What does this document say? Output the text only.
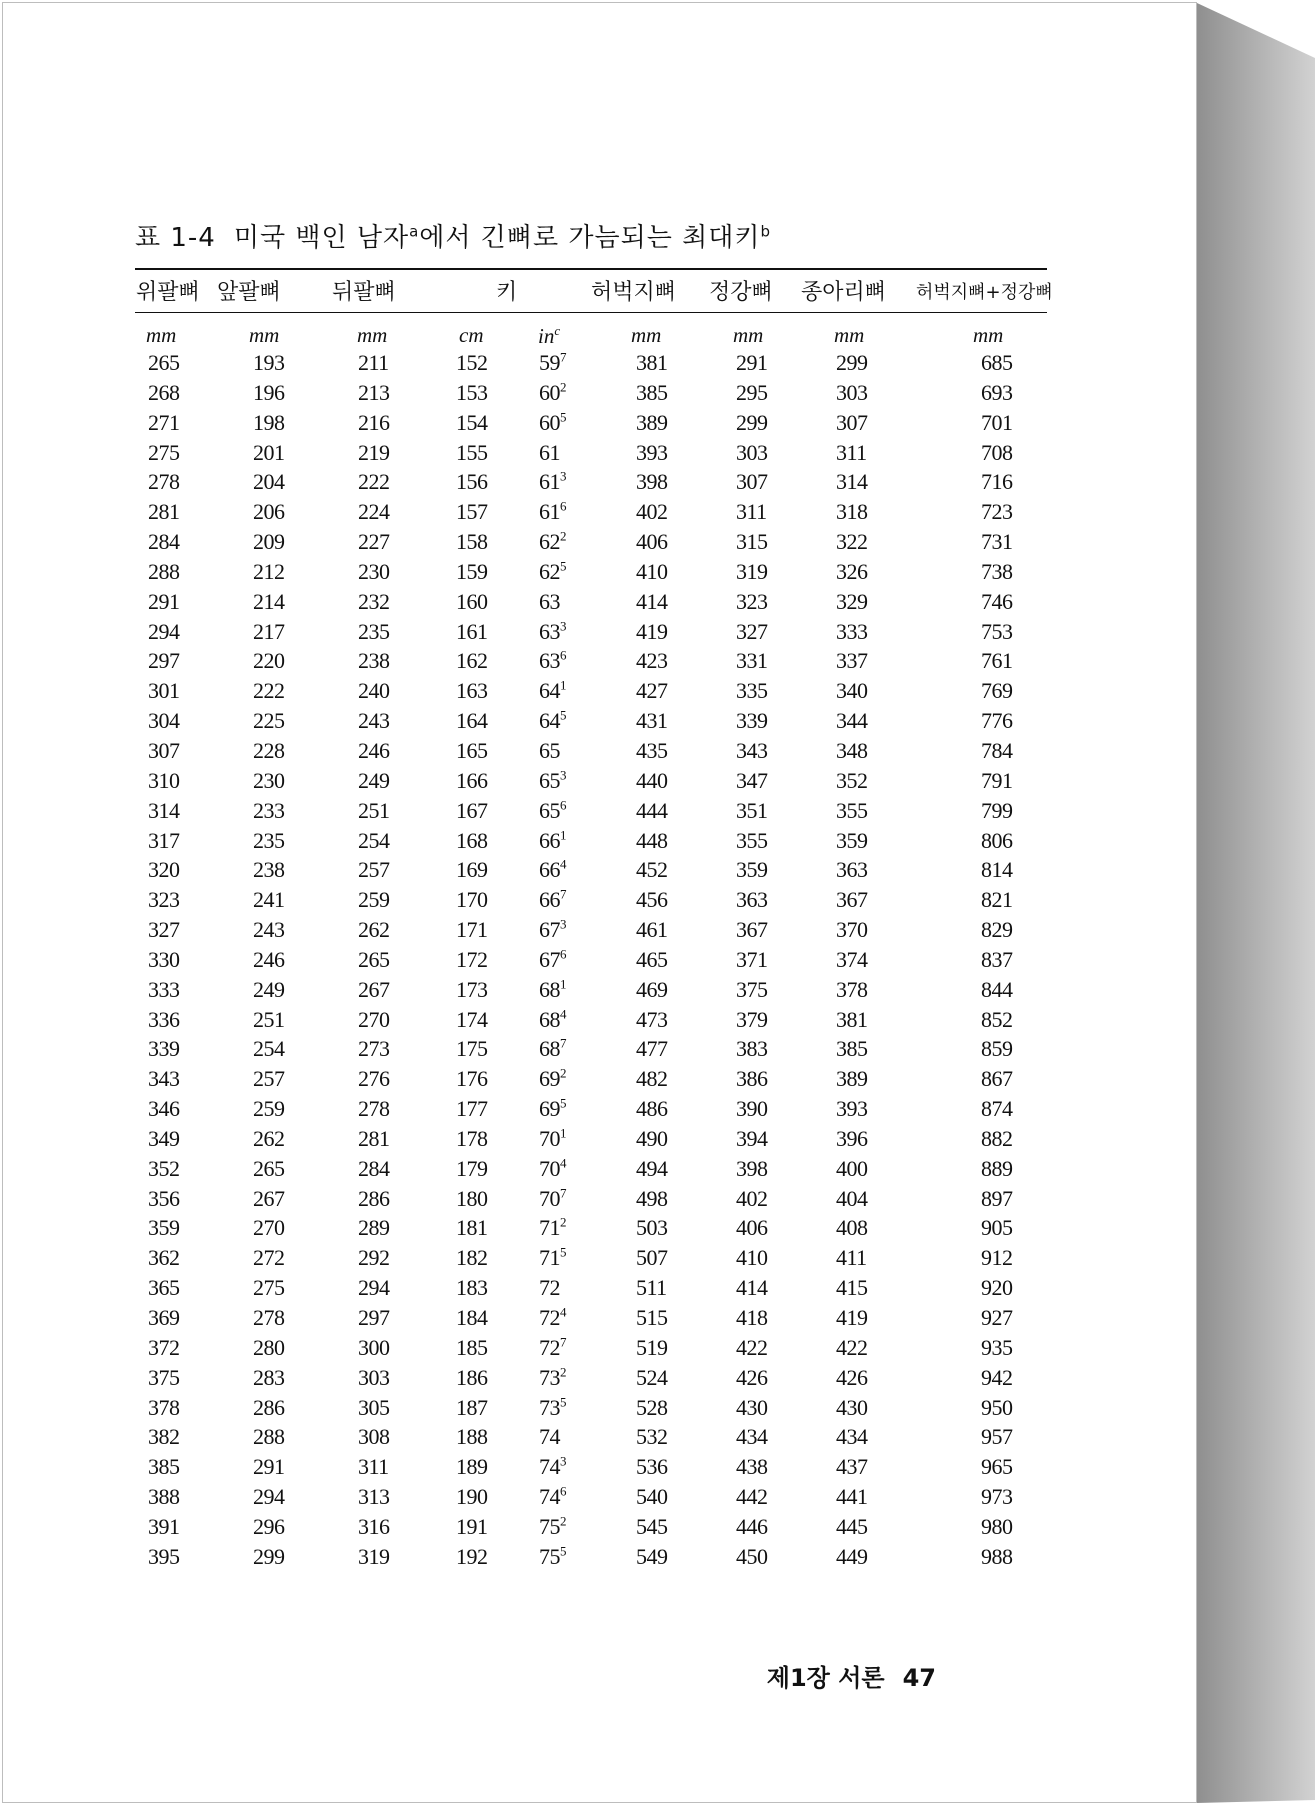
표 1-4 미국 백인 남자$^a$에서 긴뼈로 가늠되는 최대키$^b$
위팔뼈 앞팔뼈 뒤팔뼈	키	허벅지뼈 정강뼈 종아리뼈 허벅지뼈+정강뼈
mm	mm	mm	cm	$in^c$	mm	mm	mm	mm
265	193	211	152 $59^7$	381	291	299	685
268	196	213	153 $60^2$	385	295	303	693
271	198	216	154 $60^5$	389	299	307	701
275	201	219	155 61	393	303	311	708
278	204	222	156 $61^3$	398	307	314	716
281	206	224	157 $61^6$	402	311	318	723
284	209	227	158 $62^2$	406	315	322	731
288	212	230	159 $62^5$	410	319	326	738
291	214	232	160 63	414	323	329	746
294	217	235	161 $63^3$	419	327	333	753
297	220	238	162 $63^6$	423	331	337	761
301	222	240	163 $64^1$	427	335	340	769
304	225	243	164 $64^5$	431	339	344	776
307	228	246	165 65	435	343	348	784
310	230	249	166 $65^3$	440	347	352	791
314	233	251	167 $65^6$	444	351	355	799
317	235	254	168 $66^1$	448	355	359	806
320	238	257	169 $66^4$	452	359	363	814
323	241	259	170 $66^7$	456	363	367	821
327	243	262	171 $67^3$	461	367	370	829
330	246	265	172 $67^6$	465	371	374	837
333	249	267	173 $68^1$	469	375	378	844
336	251	270	174 $68^4$	473	379	381	852
339	254	273	175 $68^7$	477	383	385	859
343	257	276	176 $69^2$	482	386	389	867
346	259	278	177 $69^5$	486	390	393	874
349	262	281	178 $70^1$	490	394	396	882
352	265	284	179 $70^4$	494	398	400	889
356	267	286	180 $70^7$	498	402	404	897
359	270	289	181 $71^2$	503	406	408	905
362	272	292	182 $71^5$	507	410	411	912
365	275	294	183 72	511	414	415	920
369	278	297	184 $72^4$	515	418	419	927
372	280	300	185 $72^7$	519	422	422	935
375	283	303	186 $73^2$	524	426	426	942
378	286	305	187 $73^5$	528	430	430	950
382	288	308	188 74	532	434	434	957
385	291	311	189 $74^3$	536	438	437	965
388	294	313	190 $74^6$	540	442	441	973
391	296	316	191 $75^2$	545	446	445	980
395	299	319	192 $75^5$	549	450	449	988
제1장 서론 47
